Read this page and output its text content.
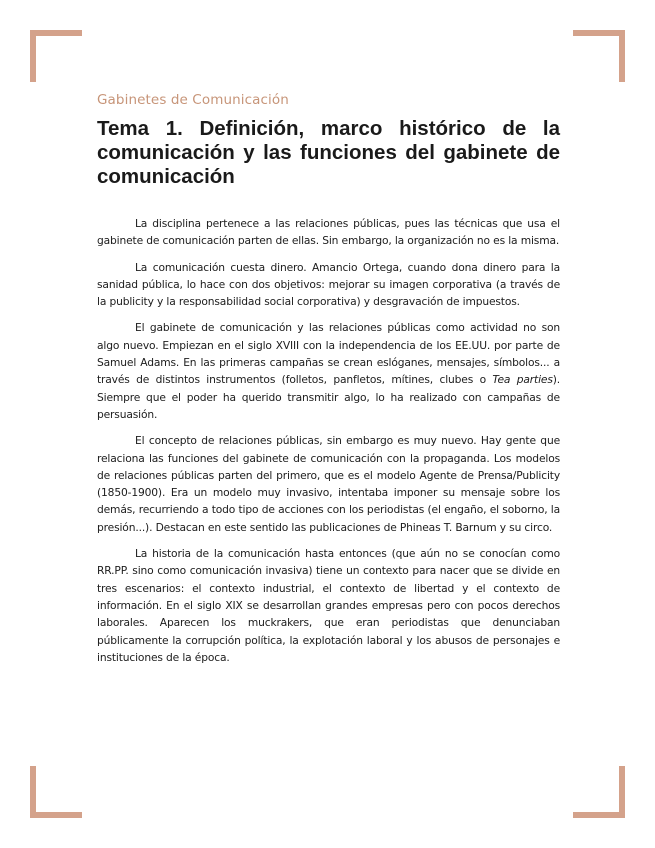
Gabinetes de Comunicación
Tema 1. Definición, marco histórico de la comunicación y las funciones del gabinete de comunicación

La disciplina pertenece a las relaciones públicas, pues las técnicas que usa el gabinete de comunicación parten de ellas. Sin embargo, la organización no es la misma.

La comunicación cuesta dinero. Amancio Ortega, cuando dona dinero para la sanidad pública, lo hace con dos objetivos: mejorar su imagen corporativa (a través de la publicity y la responsabilidad social corporativa) y desgravación de impuestos.

El gabinete de comunicación y las relaciones públicas como actividad no son algo nuevo. Empiezan en el siglo XVIII con la independencia de los EE.UU. por parte de Samuel Adams. En las primeras campañas se crean eslóganes, mensajes, símbolos... a través de distintos instrumentos (folletos, panfletos, mítines, clubes o Tea parties). Siempre que el poder ha querido transmitir algo, lo ha realizado con campañas de persuasión.

El concepto de relaciones públicas, sin embargo es muy nuevo. Hay gente que relaciona las funciones del gabinete de comunicación con la propaganda. Los modelos de relaciones públicas parten del primero, que es el modelo Agente de Prensa/Publicity (1850-1900). Era un modelo muy invasivo, intentaba imponer su mensaje sobre los demás, recurriendo a todo tipo de acciones con los periodistas (el engaño, el soborno, la presión...). Destacan en este sentido las publicaciones de Phineas T. Barnum y su circo.

La historia de la comunicación hasta entonces (que aún no se conocían como RR.PP. sino como comunicación invasiva) tiene un contexto para nacer que se divide en tres escenarios: el contexto industrial, el contexto de libertad y el contexto de información. En el siglo XIX se desarrollan grandes empresas pero con pocos derechos laborales. Aparecen los muckrakers, que eran periodistas que denunciaban públicamente la corrupción política, la explotación laboral y los abusos de personajes e instituciones de la época.
